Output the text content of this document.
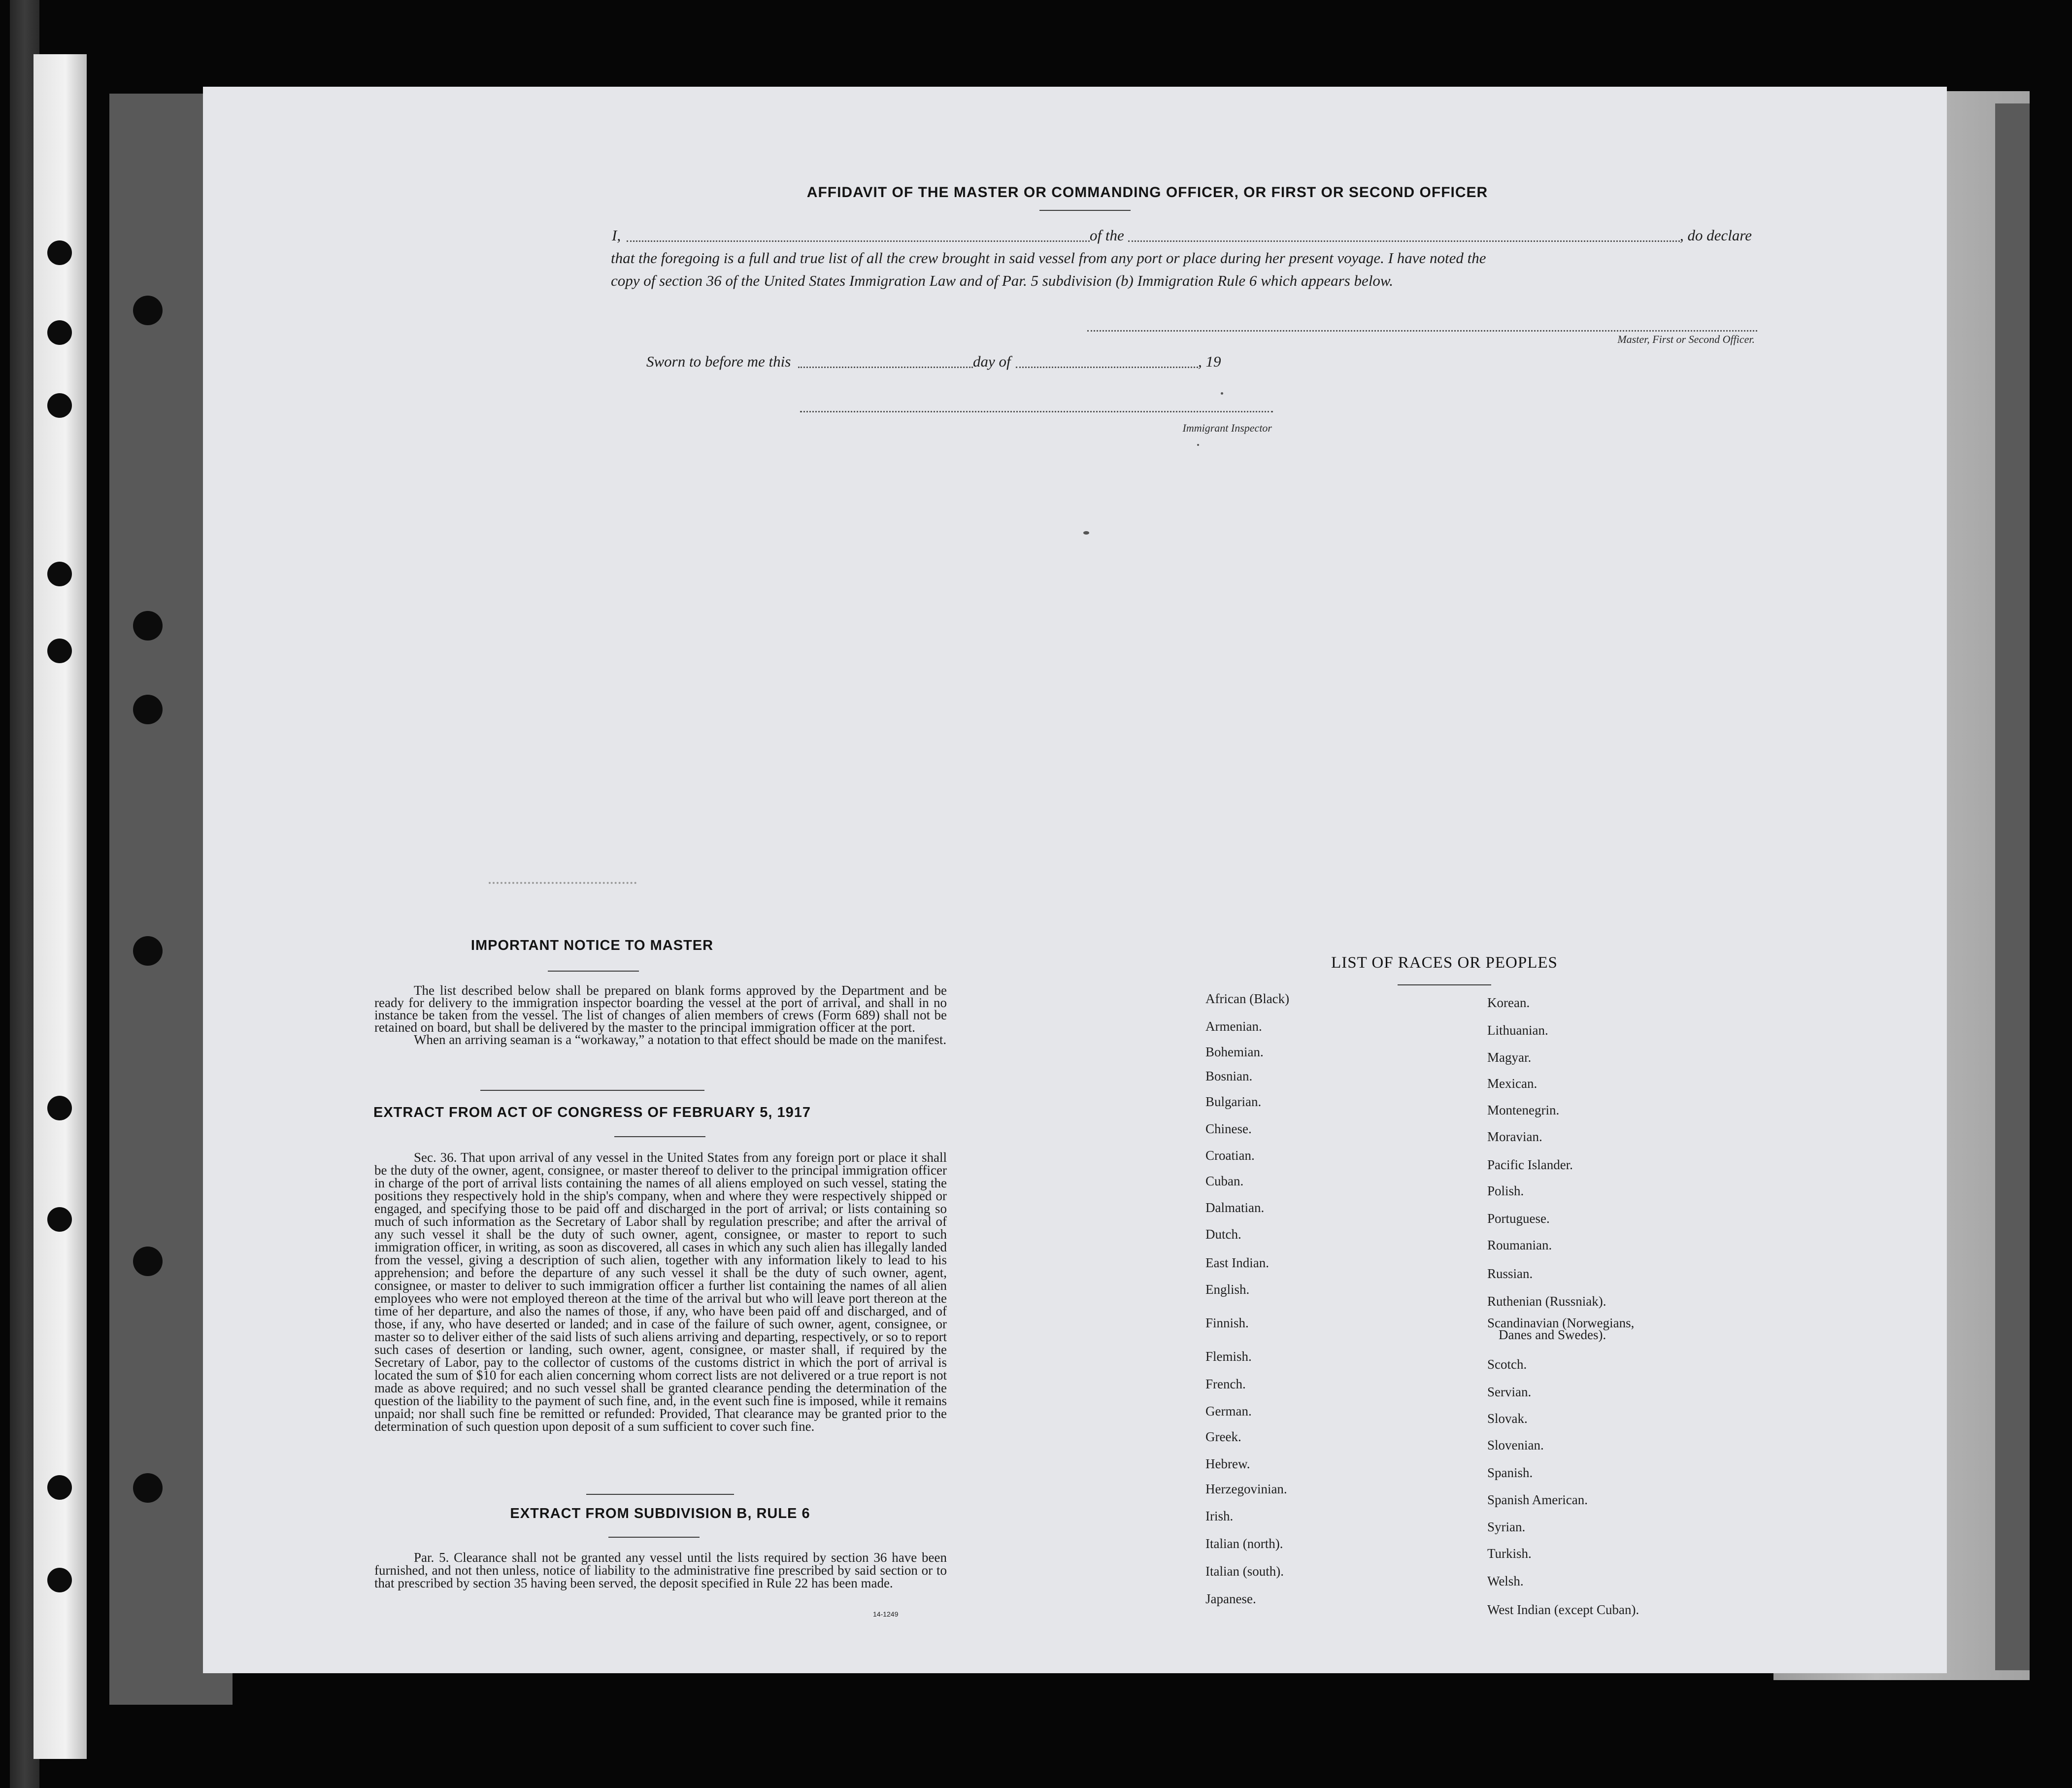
AFFIDAVIT OF THE MASTER OR COMMANDING OFFICER, OR FIRST OR SECOND OFFICER
I,	of the	, do declare
that the foregoing is a full and true list of all the crew brought in said vessel from any port or place during her present voyage. I have noted the
copy of section 36 of the United States Immigration Law and of Par. 5 subdivision (b) Immigration Rule 6 which appears below.
Master, First or Second Officer.
Sworn to before me this	day of	, 19
Immigrant Inspector
IMPORTANT NOTICE TO MASTER

The list described below shall be prepared on blank forms approved by the Department and be ready for delivery to the immigration inspector boarding the vessel at the port of arrival, and shall in no instance be taken from the vessel. The list of changes of alien members of crews (Form 689) shall not be retained on board, but shall be delivered by the master to the principal immigration officer at the port.

When an arriving seaman is a “workaway,” a notation to that effect should be made on the manifest.

EXTRACT FROM ACT OF CONGRESS OF FEBRUARY 5, 1917

Sec. 36. That upon arrival of any vessel in the United States from any foreign port or place it shall be the duty of the owner, agent, consignee, or master thereof to deliver to the principal immigration officer in charge of the port of arrival lists containing the names of all aliens employed on such vessel, stating the positions they respectively hold in the ship's company, when and where they were respectively shipped or engaged, and specifying those to be paid off and discharged in the port of arrival; or lists containing so much of such information as the Secretary of Labor shall by regulation prescribe; and after the arrival of any such vessel it shall be the duty of such owner, agent, consignee, or master to report to such immigration officer, in writing, as soon as discovered, all cases in which any such alien has illegally landed from the vessel, giving a description of such alien, together with any information likely to lead to his apprehension; and before the departure of any such vessel it shall be the duty of such owner, agent, consignee, or master to deliver to such immigration officer a further list containing the names of all alien employees who were not employed thereon at the time of the arrival but who will leave port thereon at the time of her departure, and also the names of those, if any, who have been paid off and discharged, and of those, if any, who have deserted or landed; and in case of the failure of such owner, agent, consignee, or master so to deliver either of the said lists of such aliens arriving and departing, respectively, or so to report such cases of desertion or landing, such owner, agent, consignee, or master shall, if required by the Secretary of Labor, pay to the collector of customs of the customs district in which the port of arrival is located the sum of $10 for each alien concerning whom correct lists are not delivered or a true report is not made as above required; and no such vessel shall be granted clearance pending the determination of the question of the liability to the payment of such fine, and, in the event such fine is imposed, while it remains unpaid; nor shall such fine be remitted or refunded: Provided, That clearance may be granted prior to the determination of such question upon deposit of a sum sufficient to cover such fine.

EXTRACT FROM SUBDIVISION B, RULE 6

Par. 5. Clearance shall not be granted any vessel until the lists required by section 36 have been furnished, and not then unless, notice of liability to the administrative fine prescribed by said section or to that prescribed by section 35 having been served, the deposit specified in Rule 22 has been made.

14-1249
LIST OF RACES OR PEOPLES
Danes and Swedes).
African (Black)
Armenian.
Bohemian.
Bosnian.
Bulgarian.
Chinese.
Croatian.
Cuban.
Dalmatian.
Dutch.
East Indian.
English.
Finnish.
Flemish.
French.
German.
Greek.
Hebrew.
Herzegovinian.
Irish.
Italian (north).
Italian (south).
Japanese.
Korean.
Lithuanian.
Magyar.
Mexican.
Montenegrin.
Moravian.
Pacific Islander.
Polish.
Portuguese.
Roumanian.
Russian.
Ruthenian (Russniak).
Scandinavian (Norwegians,
Scotch.
Servian.
Slovak.
Slovenian.
Spanish.
Spanish American.
Syrian.
Turkish.
Welsh.
West Indian (except Cuban).
